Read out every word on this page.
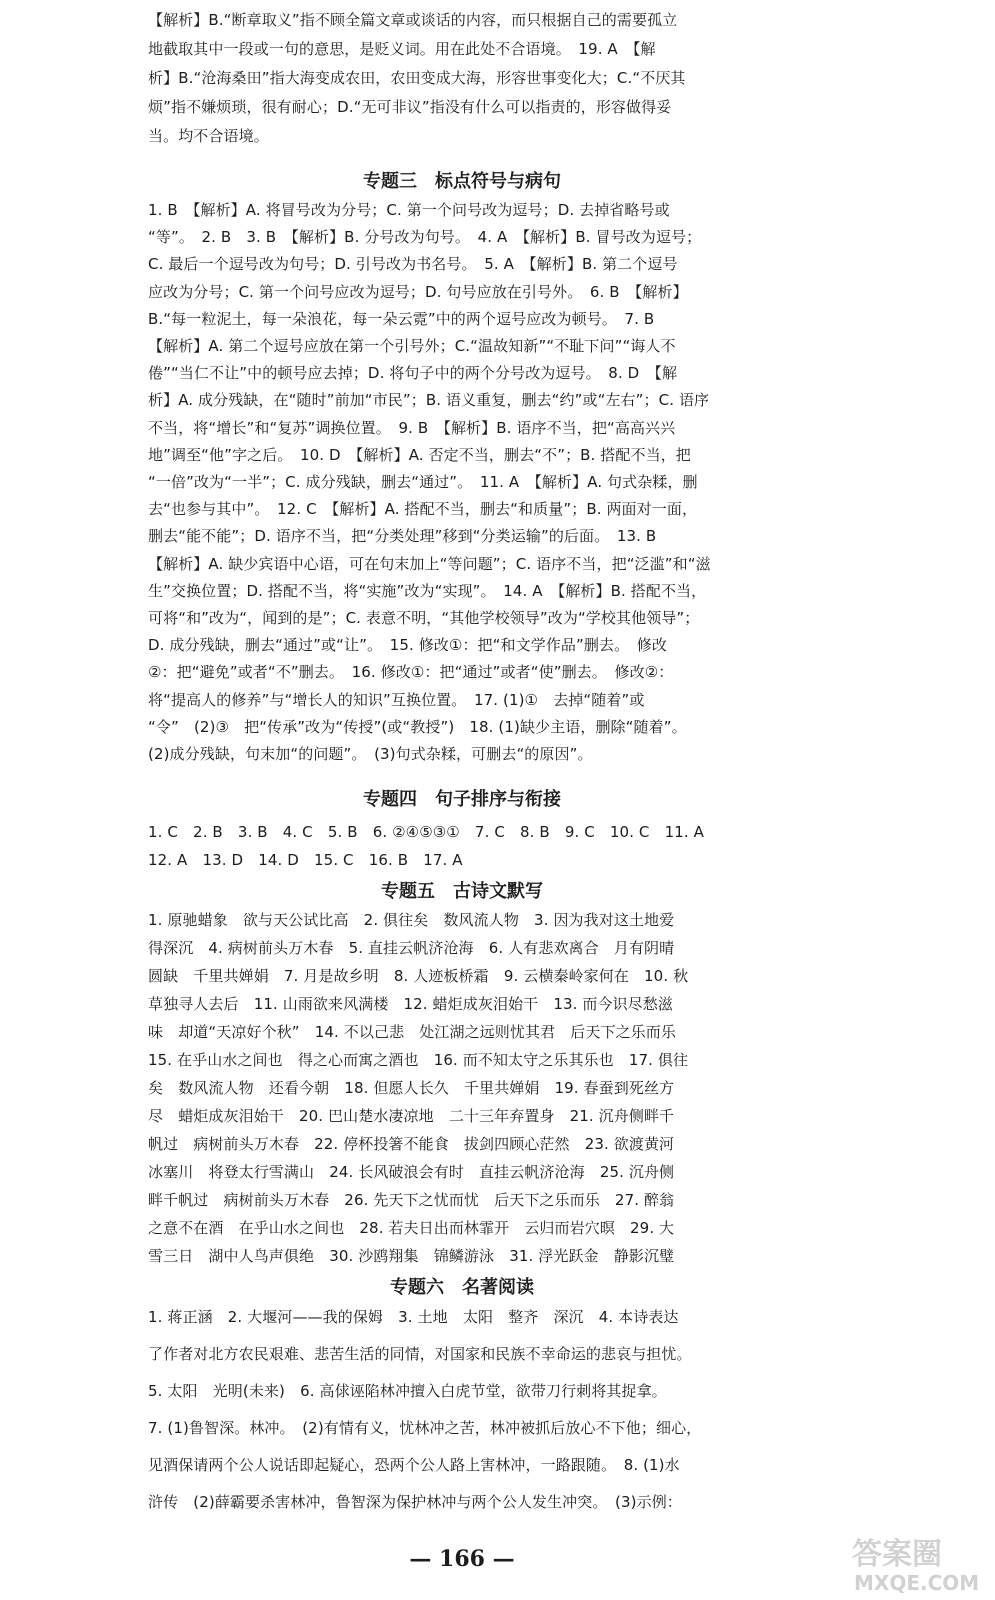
【解析】B.“断章取义”指不顾全篇文章或谈话的内容，而只根据自己的需要孤立
地截取其中一段或一句的意思，是贬义词。用在此处不合语境。　19. A　【解
析】B.“沧海桑田”指大海变成农田，农田变成大海，形容世事变化大；C.“不厌其
烦”指不嫌烦琐，很有耐心；D.“无可非议”指没有什么可以指责的，形容做得妥
当。均不合语境。
专题三　标点符号与病句
1. B　【解析】A. 将冒号改为分号；C. 第一个问号改为逗号；D. 去掉省略号或
“等”。　2. B　3. B　【解析】B. 分号改为句号。　4. A　【解析】B. 冒号改为逗号；
C. 最后一个逗号改为句号；D. 引号改为书名号。　5. A　【解析】B. 第二个逗号
应改为分号；C. 第一个问号应改为逗号；D. 句号应放在引号外。　6. B　【解析】
B.“每一粒泥土，每一朵浪花，每一朵云霓”中的两个逗号应改为顿号。　7. B
【解析】A. 第二个逗号应放在第一个引号外；C.“温故知新”“不耻下问”“诲人不
倦”“当仁不让”中的顿号应去掉；D. 将句子中的两个分号改为逗号。　8. D　【解
析】A. 成分残缺，在“随时”前加“市民”；B. 语义重复，删去“约”或“左右”；C. 语序
不当，将“增长”和“复苏”调换位置。　9. B　【解析】B. 语序不当，把“高高兴兴
地”调至“他”字之后。　10. D　【解析】A. 否定不当，删去“不”；B. 搭配不当，把
“一倍”改为“一半”；C. 成分残缺，删去“通过”。　11. A　【解析】A. 句式杂糅，删
去“也参与其中”。　12. C　【解析】A. 搭配不当，删去“和质量”；B. 两面对一面，
删去“能不能”；D. 语序不当，把“分类处理”移到“分类运输”的后面。　13. B
【解析】A. 缺少宾语中心语，可在句末加上“等问题”；C. 语序不当，把“泛滥”和“滋
生”交换位置；D. 搭配不当，将“实施”改为“实现”。　14. A　【解析】B. 搭配不当，
可将“和”改为“，闻到的是”；C. 表意不明，“其他学校领导”改为“学校其他领导”；
D. 成分残缺，删去“通过”或“让”。　15. 修改①：把“和文学作品”删去。　修改
②：把“避免”或者“不”删去。　16. 修改①：把“通过”或者“使”删去。　修改②：
将“提高人的修养”与“增长人的知识”互换位置。　17. (1)①　去掉“随着”或
“令”　(2)③　把“传承”改为“传授”(或“教授”)　18. (1)缺少主语，删除“随着”。
(2)成分残缺，句末加“的问题”。　(3)句式杂糅，可删去“的原因”。
专题四　句子排序与衔接
1. C　2. B　3. B　4. C　5. B　6. ②④⑤③①　7. C　8. B　9. C　10. C　11. A
12. A　13. D　14. D　15. C　16. B　17. A
专题五　古诗文默写
1. 原驰蜡象　欲与天公试比高　2. 俱往矣　数风流人物　3. 因为我对这土地爱
得深沉　4. 病树前头万木春　5. 直挂云帆济沧海　6. 人有悲欢离合　月有阴晴
圆缺　千里共婵娟　7. 月是故乡明　8. 人迹板桥霜　9. 云横秦岭家何在　10. 秋
草独寻人去后　11. 山雨欲来风满楼　12. 蜡炬成灰泪始干　13. 而今识尽愁滋
味　却道“天凉好个秋”　14. 不以己悲　处江湖之远则忧其君　后天下之乐而乐
15. 在乎山水之间也　得之心而寓之酒也　16. 而不知太守之乐其乐也　17. 俱往
矣　数风流人物　还看今朝　18. 但愿人长久　千里共婵娟　19. 春蚕到死丝方
尽　蜡炬成灰泪始干　20. 巴山楚水凄凉地　二十三年弃置身　21. 沉舟侧畔千
帆过　病树前头万木春　22. 停杯投箸不能食　拔剑四顾心茫然　23. 欲渡黄河
冰塞川　将登太行雪满山　24. 长风破浪会有时　直挂云帆济沧海　25. 沉舟侧
畔千帆过　病树前头万木春　26. 先天下之忧而忧　后天下之乐而乐　27. 醉翁
之意不在酒　在乎山水之间也　28. 若夫日出而林霏开　云归而岩穴暝　29. 大
雪三日　湖中人鸟声俱绝　30. 沙鸥翔集　锦鳞游泳　31. 浮光跃金　静影沉璧
专题六　名著阅读
1. 蒋正涵　2. 大堰河——我的保姆　3. 土地　太阳　整齐　深沉　4. 本诗表达
了作者对北方农民艰难、悲苦生活的同情，对国家和民族不幸命运的悲哀与担忧。
5. 太阳　光明(未来)　6. 高俅诬陷林冲擅入白虎节堂，欲带刀行刺将其捉拿。
7. (1)鲁智深。林冲。　(2)有情有义，忧林冲之苦，林冲被抓后放心不下他；细心，
见酒保请两个公人说话即起疑心，恐两个公人路上害林冲，一路跟随。　8. (1)水
浒传　(2)薛霸要杀害林冲，鲁智深为保护林冲与两个公人发生冲突。　(3)示例：
— 166 —	答案圈
MXQE.COM
